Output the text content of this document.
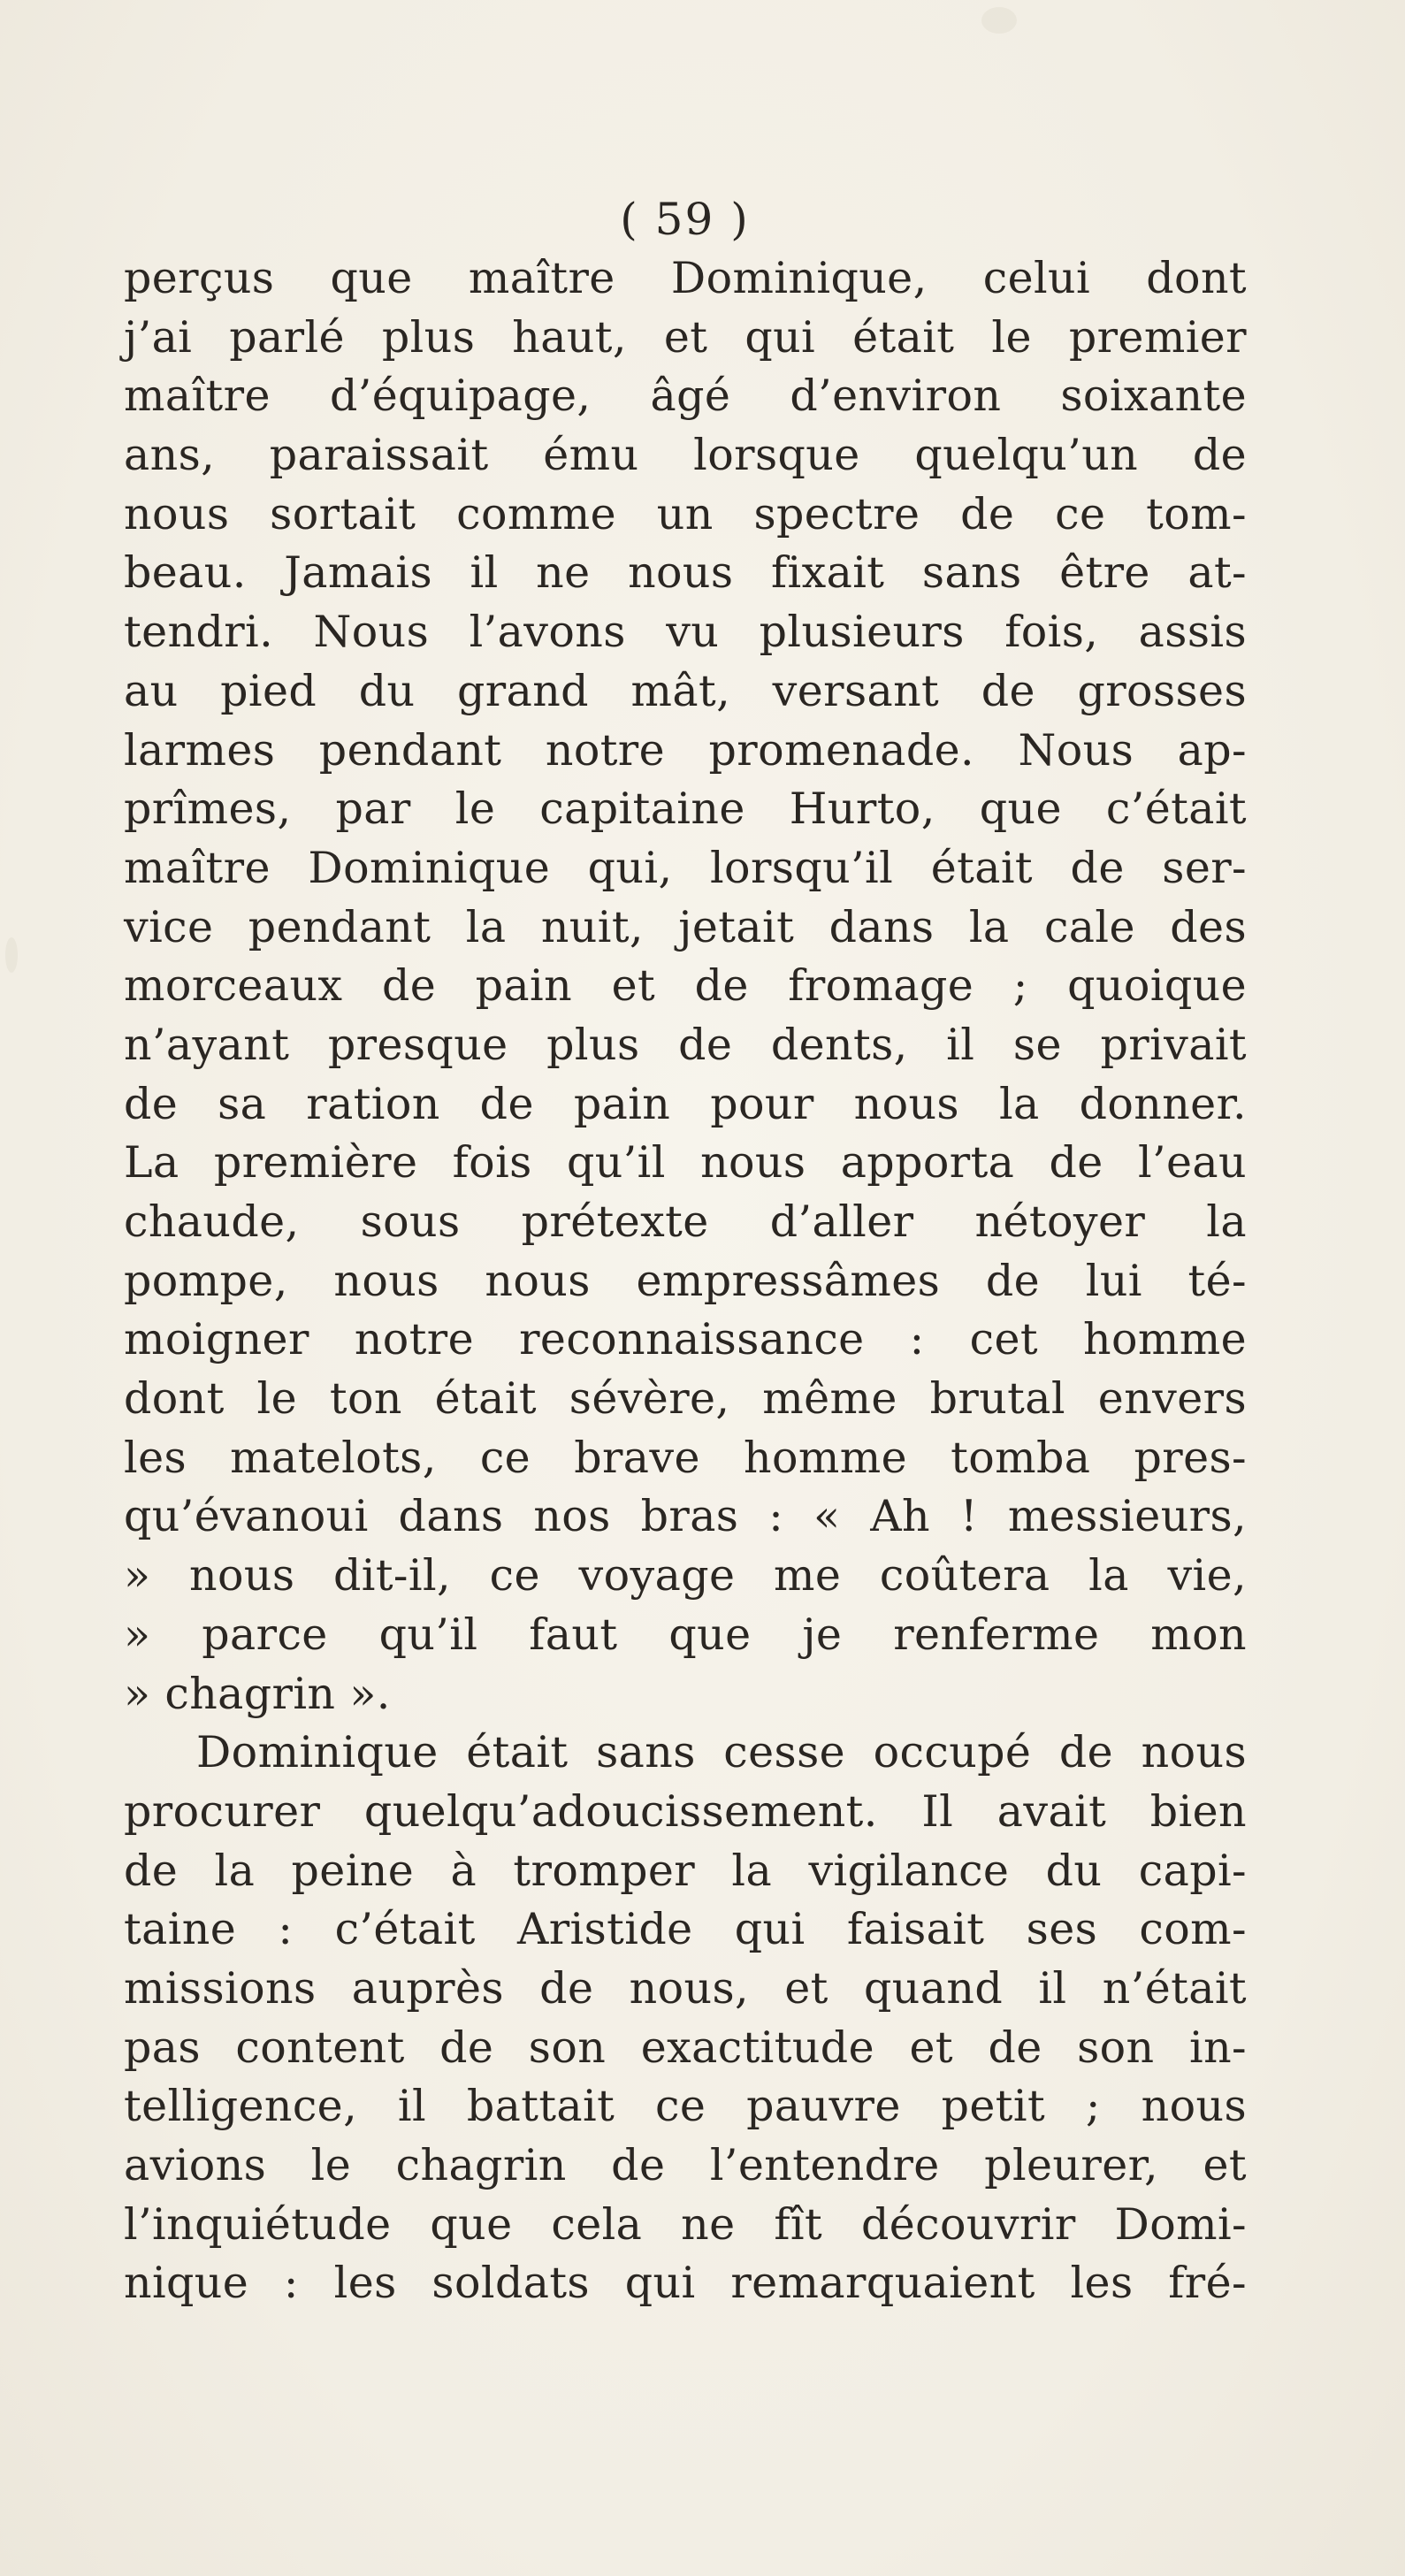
( 59 )
perçus que maître Dominique, celui dont
j’ai parlé plus haut, et qui était le premier
maître d’équipage, âgé d’environ soixante
ans, paraissait ému lorsque quelqu’un de
nous sortait comme un spectre de ce tom-
beau. Jamais il ne nous fixait sans être at-
tendri. Nous l’avons vu plusieurs fois, assis
au pied du grand mât, versant de grosses
larmes pendant notre promenade. Nous ap-
prîmes, par le capitaine Hurto, que c’était
maître Dominique qui, lorsqu’il était de ser-
vice pendant la nuit, jetait dans la cale des
morceaux de pain et de fromage ; quoique
n’ayant presque plus de dents, il se privait
de sa ration de pain pour nous la donner.
La première fois qu’il nous apporta de l’eau
chaude, sous prétexte d’aller nétoyer la
pompe, nous nous empressâmes de lui té-
moigner notre reconnaissance : cet homme
dont le ton était sévère, même brutal envers
les matelots, ce brave homme tomba pres-
qu’évanoui dans nos bras : « Ah ! messieurs,
» nous dit-il, ce voyage me coûtera la vie,
» parce qu’il faut que je renferme mon
» chagrin ».
Dominique était sans cesse occupé de nous
procurer quelqu’adoucissement. Il avait bien
de la peine à tromper la vigilance du capi-
taine : c’était Aristide qui faisait ses com-
missions auprès de nous, et quand il n’était
pas content de son exactitude et de son in-
telligence, il battait ce pauvre petit ; nous
avions le chagrin de l’entendre pleurer, et
l’inquiétude que cela ne fît découvrir Domi-
nique : les soldats qui remarquaient les fré-
